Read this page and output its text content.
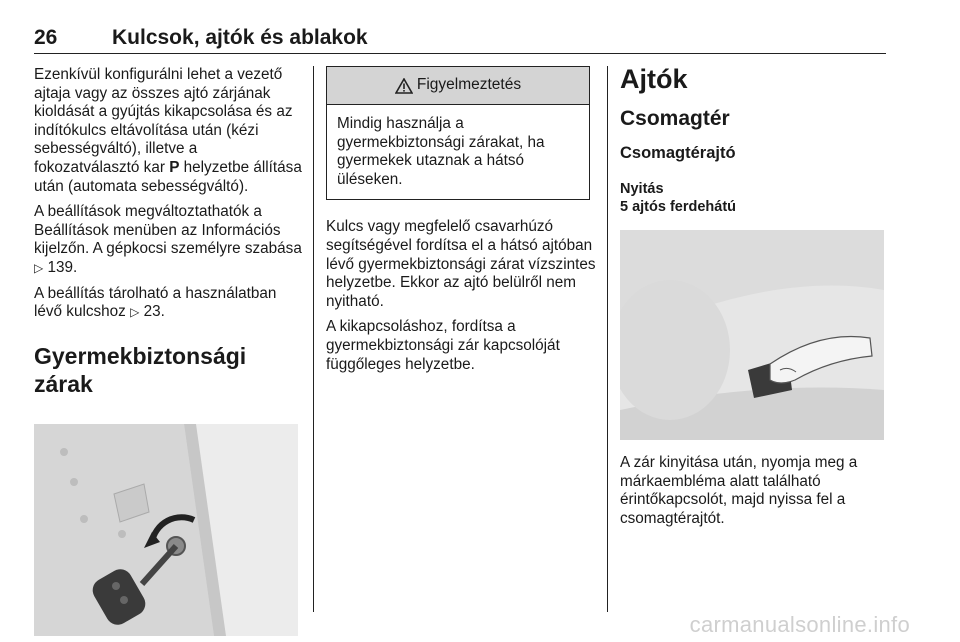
26	Kulcsok, ajtók és ablakok

Ezenkívül konfigurálni lehet a vezető ajtaja vagy az összes ajtó zárjának kioldását a gyújtás kikapcsolása és az indítókulcs eltávolítása után (kézi sebességváltó), illetve a fokozatválasztó kar P helyzetbe állítása után (automata sebességváltó).

A beállítások megváltoztathatók a Beállítások menüben az Információs kijelzőn. A gépkocsi személyre szabása ▷ 139.

A beállítás tárolható a használatban lévő kulcshoz ▷ 23.

Gyermekbiztonsági zárak
Figyelmeztetés
Mindig használja a gyermekbiztonsági zárakat, ha gyermekek utaznak a hátsó üléseken.

Kulcs vagy megfelelő csavarhúzó segítségével fordítsa el a hátsó ajtóban lévő gyermekbiztonsági zárat vízszintes helyzetbe. Ekkor az ajtó belülről nem nyitható.

A kikapcsoláshoz, fordítsa a gyermekbiztonsági zár kapcsolóját függőleges helyzetbe.

Ajtók
Csomagtér
Csomagtérajtó
Nyitás
5 ajtós ferdehátú

A zár kinyitása után, nyomja meg a márkaembléma alatt található érintőkapcsolót, majd nyissa fel a csomagtérajtót.

carmanualsonline.info
